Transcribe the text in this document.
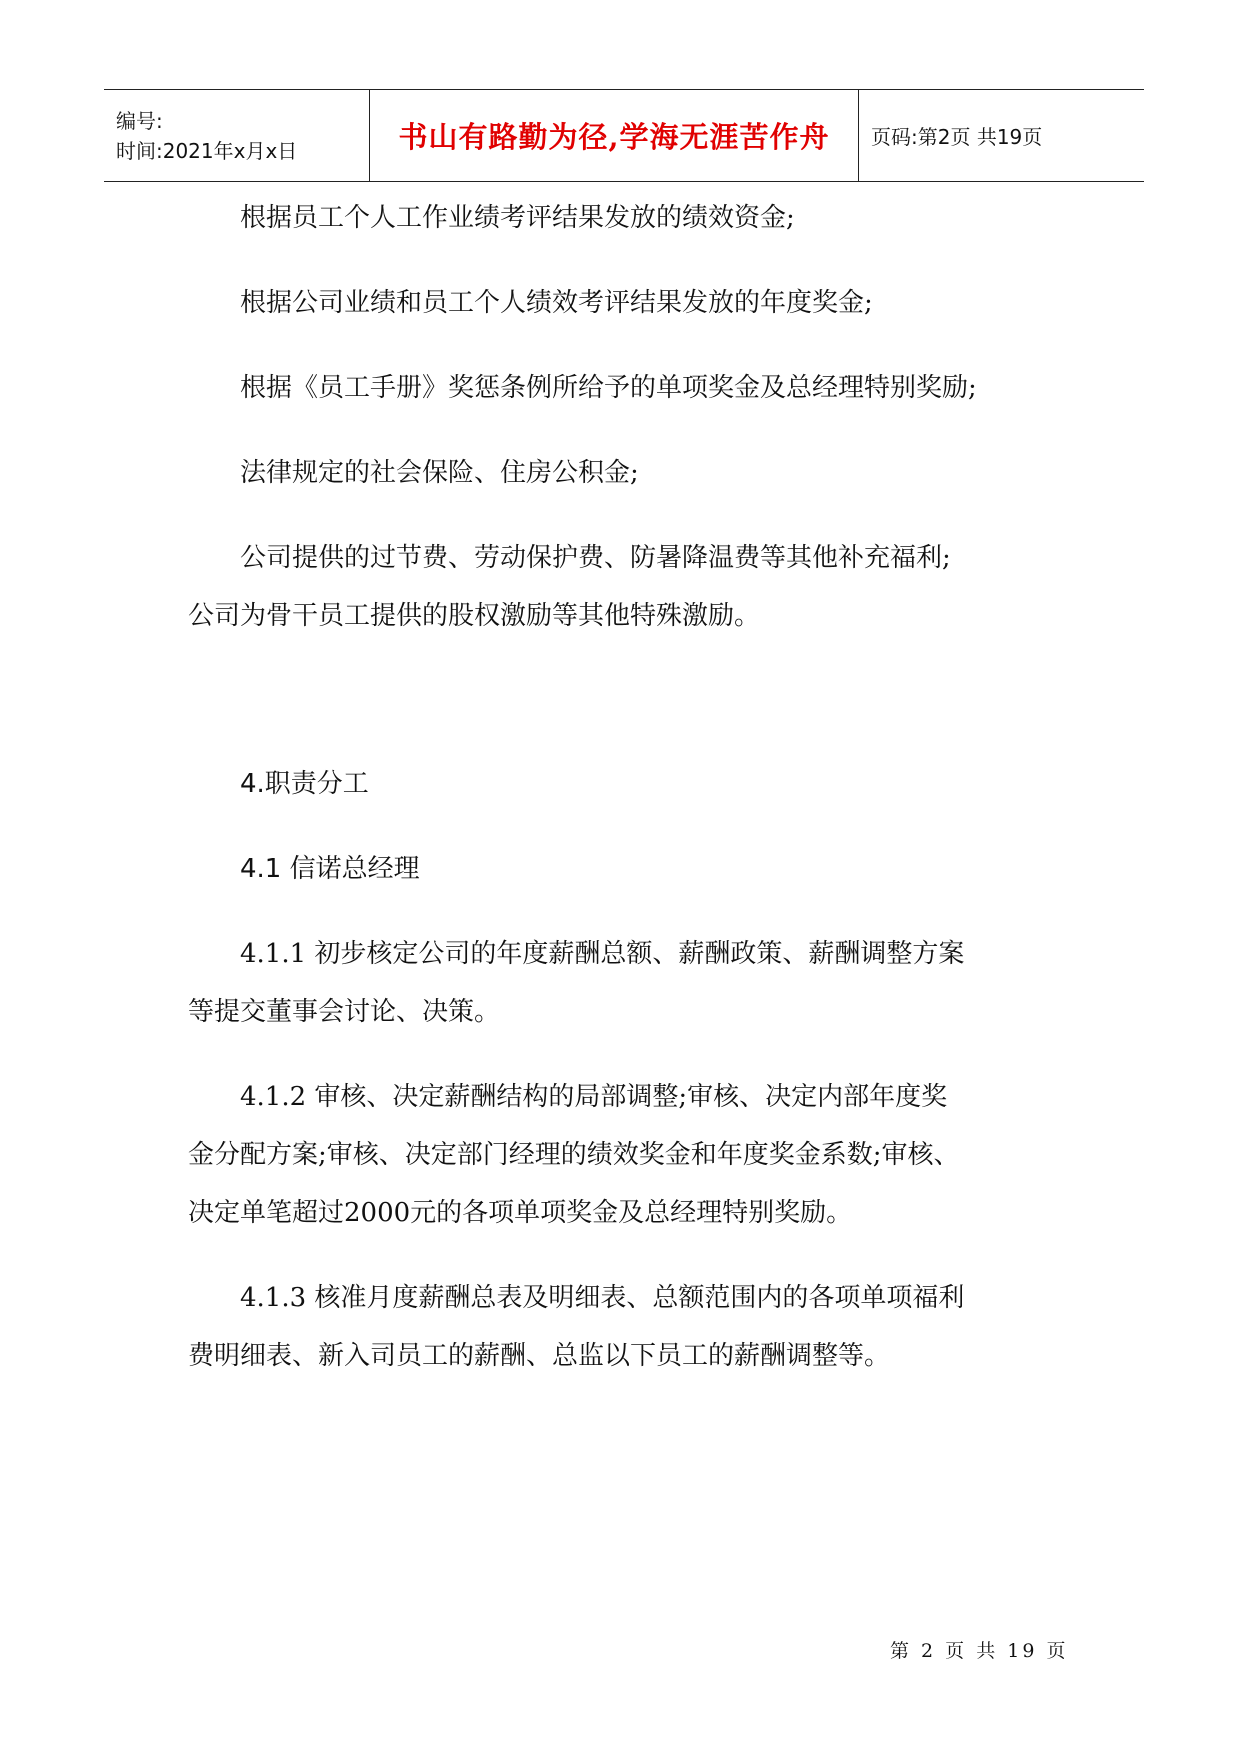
编号:
时间:2021年x月x日	书山有路勤为径,学海无涯苦作舟	页码:第2页 共19页

根据员工个人工作业绩考评结果发放的绩效资金;

根据公司业绩和员工个人绩效考评结果发放的年度奖金;

根据《员工手册》奖惩条例所给予的单项奖金及总经理特别奖励;

法律规定的社会保险、住房公积金;

公司提供的过节费、劳动保护费、防暑降温费等其他补充福利;

公司为骨干员工提供的股权激励等其他特殊激励。

4.职责分工

4.1 信诺总经理

4.1.1 初步核定公司的年度薪酬总额、薪酬政策、薪酬调整方案

等提交董事会讨论、决策。

4.1.2 审核、决定薪酬结构的局部调整;审核、决定内部年度奖

金分配方案;审核、决定部门经理的绩效奖金和年度奖金系数;审核、

决定单笔超过2000元的各项单项奖金及总经理特别奖励。

4.1.3 核准月度薪酬总表及明细表、总额范围内的各项单项福利

费明细表、新入司员工的薪酬、总监以下员工的薪酬调整等。

第 2 页 共 19 页
